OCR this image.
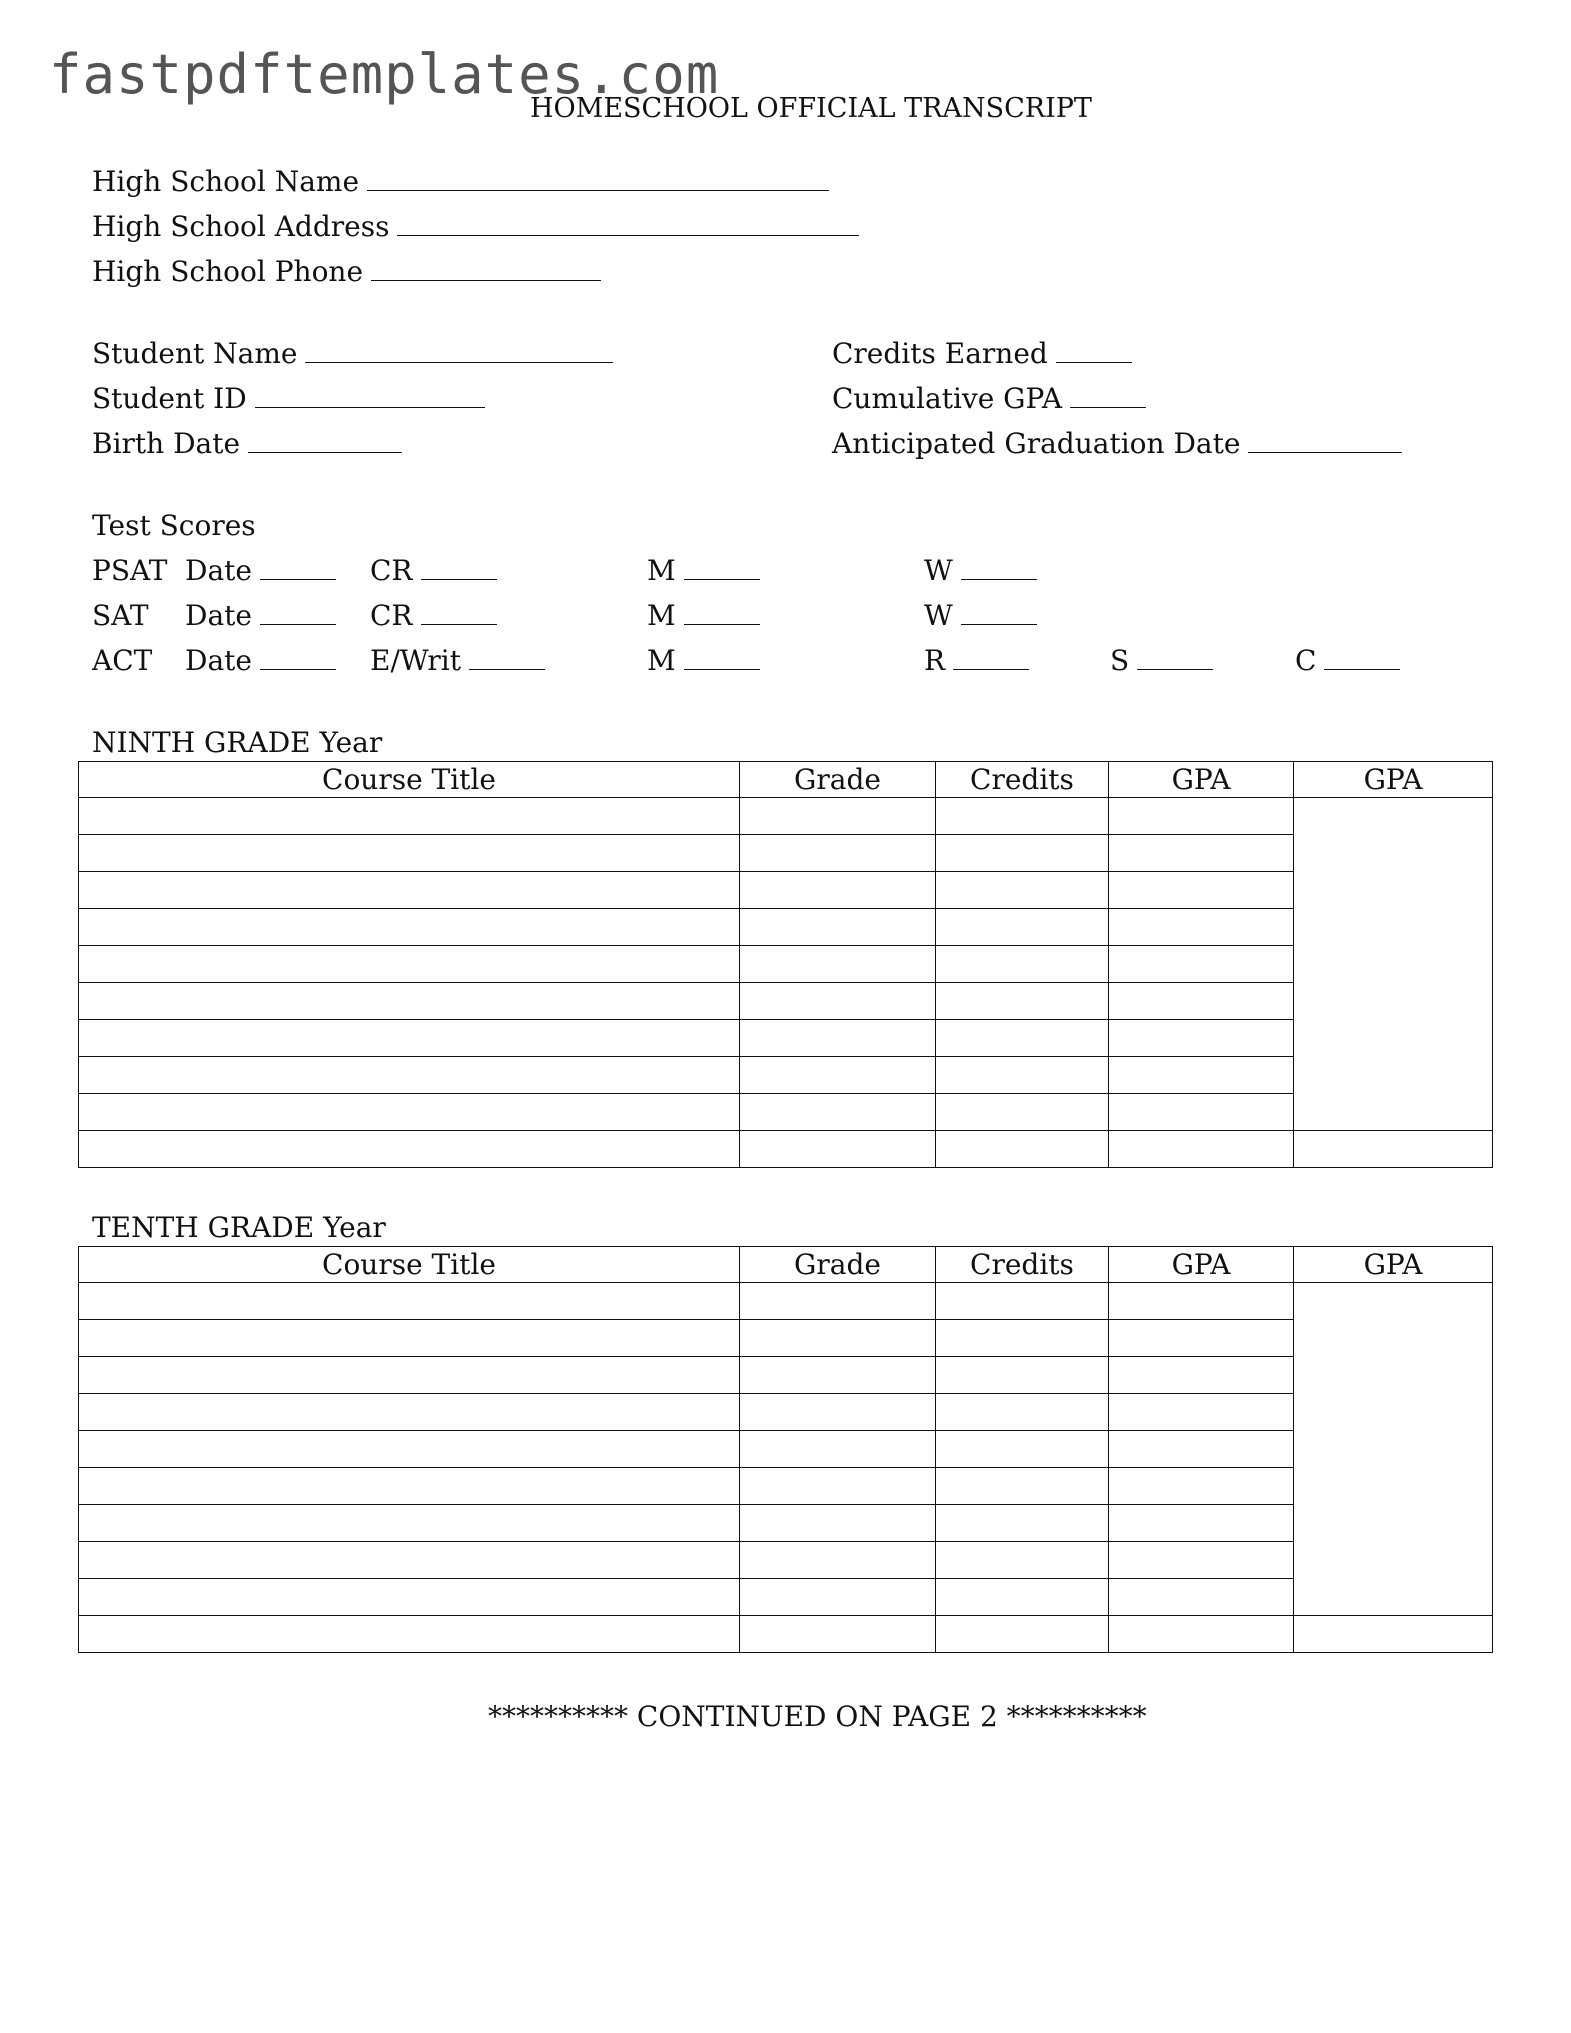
fastpdftemplates.com
HOMESCHOOL OFFICIAL TRANSCRIPT
High School Name
High School Address
High School Phone
Student Name
Student ID
Birth Date
Credits Earned
Cumulative GPA
Anticipated Graduation Date
Test Scores
PSAT Date	CR	M	W
SAT Date	CR	M	W
ACT Date	E/Writ	M	R	S	C
NINTH GRADE Year
Course Title	Grade	Credits	GPA	GPA

TENTH GRADE Year
Course Title	Grade	Credits	GPA	GPA

********** CONTINUED ON PAGE 2 **********
